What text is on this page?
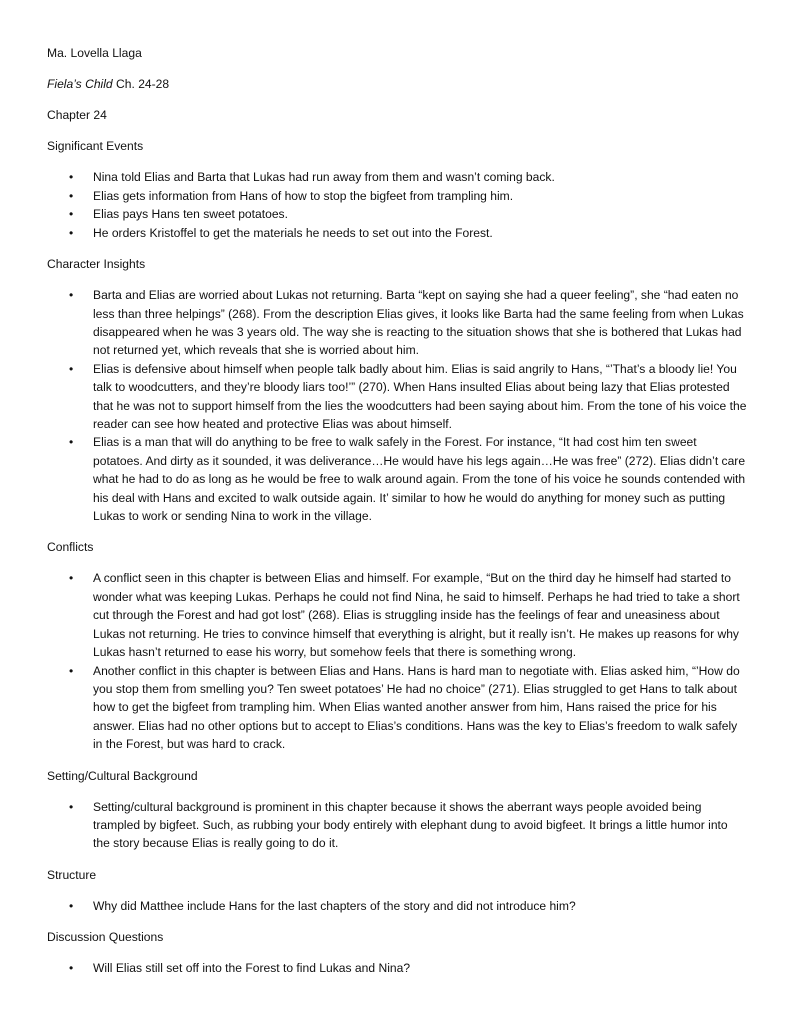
Ma. Lovella Llaga

Fiela’s Child Ch. 24-28

Chapter 24

Significant Events

• Nina told Elias and Barta that Lukas had run away from them and wasn’t coming back.
• Elias gets information from Hans of how to stop the bigfeet from trampling him.
• Elias pays Hans ten sweet potatoes.
• He orders Kristoffel to get the materials he needs to set out into the Forest.

Character Insights

• Barta and Elias are worried about Lukas not returning. Barta “kept on saying she had a queer feeling”, she “had eaten no less than three helpings” (268). From the description Elias gives, it looks like Barta had the same feeling from when Lukas disappeared when he was 3 years old. The way she is reacting to the situation shows that she is bothered that Lukas had not returned yet, which reveals that she is worried about him.
• Elias is defensive about himself when people talk badly about him. Elias is said angrily to Hans, “’That’s a bloody lie! You talk to woodcutters, and they’re bloody liars too!’” (270). When Hans insulted Elias about being lazy that Elias protested that he was not to support himself from the lies the woodcutters had been saying about him. From the tone of his voice the reader can see how heated and protective Elias was about himself.
• Elias is a man that will do anything to be free to walk safely in the Forest. For instance, “It had cost him ten sweet potatoes. And dirty as it sounded, it was deliverance…He would have his legs again…He was free” (272). Elias didn’t care what he had to do as long as he would be free to walk around again. From the tone of his voice he sounds contended with his deal with Hans and excited to walk outside again. It’ similar to how he would do anything for money such as putting Lukas to work or sending Nina to work in the village.

Conflicts

• A conflict seen in this chapter is between Elias and himself. For example, “But on the third day he himself had started to wonder what was keeping Lukas. Perhaps he could not find Nina, he said to himself. Perhaps he had tried to take a short cut through the Forest and had got lost” (268). Elias is struggling inside has the feelings of fear and uneasiness about Lukas not returning. He tries to convince himself that everything is alright, but it really isn’t. He makes up reasons for why Lukas hasn’t returned to ease his worry, but somehow feels that there is something wrong.
• Another conflict in this chapter is between Elias and Hans. Hans is hard man to negotiate with. Elias asked him, “’How do you stop them from smelling you? Ten sweet potatoes’ He had no choice” (271). Elias struggled to get Hans to talk about how to get the bigfeet from trampling him. When Elias wanted another answer from him, Hans raised the price for his answer. Elias had no other options but to accept to Elias’s conditions. Hans was the key to Elias’s freedom to walk safely in the Forest, but was hard to crack.

Setting/Cultural Background

• Setting/cultural background is prominent in this chapter because it shows the aberrant ways people avoided being trampled by bigfeet. Such, as rubbing your body entirely with elephant dung to avoid bigfeet. It brings a little humor into the story because Elias is really going to do it.

Structure

• Why did Matthee include Hans for the last chapters of the story and did not introduce him?

Discussion Questions

• Will Elias still set off into the Forest to find Lukas and Nina?
